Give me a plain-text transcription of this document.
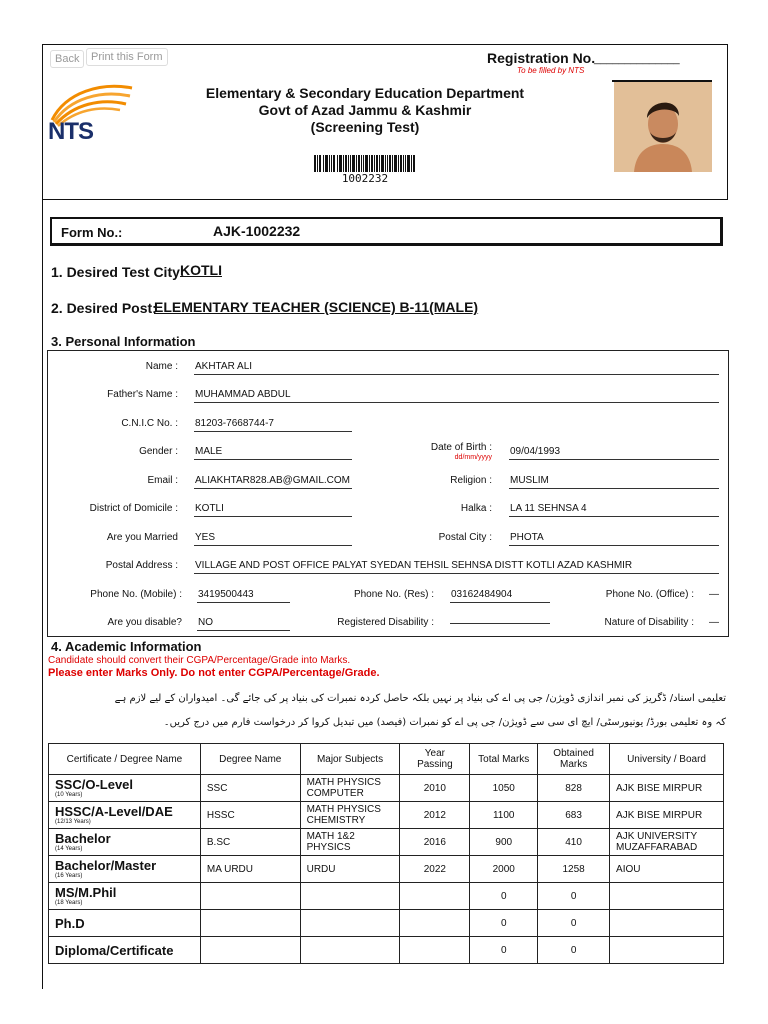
Back	Print this Form	Registration No.
______________
To be filled by NTS
NTS
Elementary & Secondary Education Department
Govt of Azad Jammu & Kashmir
(Screening Test)
1002232
Form No.:	AJK-1002232
1. Desired Test City:
KOTLI
2. Desired Post:
ELEMENTARY TEACHER (SCIENCE) B-11(MALE)
3. Personal Information
Name : AKHTAR ALI
Father's Name : MUHAMMAD ABDUL
C.N.I.C No. : 81203-7668744-7
Gender : MALE	Date of Birth :
dd/mm/yyyy
09/04/1993
Email : ALIAKHTAR828.AB@GMAIL.COM	Religion : MUSLIM
District of Domicile : KOTLI	Halka : LA 11 SEHNSA 4
Are you Married YES	Postal City : PHOTA
Postal Address : VILLAGE AND POST OFFICE PALYAT SYEDAN TEHSIL SEHNSA DISTT KOTLI AZAD KASHMIR
Phone No. (Mobile) : 3419500443	Phone No. (Res) : 03162484904	Phone No. (Office) : —
Are you disable? NO	Registered Disability :	Nature of Disability : —
4. Academic Information
Candidate should convert their CGPA/Percentage/Grade into Marks.
Please enter Marks Only. Do not enter CGPA/Percentage/Grade.
تعلیمی اسناد/ ڈگریز کی نمبر اندازی ڈویژن/ جی پی اے کی بنیاد پر نہیں بلکہ حاصل کردہ نمبرات کی بنیاد پر کی جائے گی۔ امیدواران کے لیے لازم ہے
کہ وہ تعلیمی بورڈ/ یونیورسٹی/ ایچ ای سی سے ڈویژن/ جی پی اے کو نمبرات (فیصد) میں تبدیل کروا کر درخواست فارم میں درج کریں۔
Certificate / Degree Name	Degree Name	Major Subjects	Year Passing	Total Marks	Obtained Marks	University / Board

SSC/O-Level
(10 Years)	SSC	MATH PHYSICS COMPUTER	2010	1050	828	AJK BISE MIRPUR

HSSC/A-Level/DAE
(12/13 Years)	HSSC	MATH PHYSICS CHEMISTRY	2012	1100	683	AJK BISE MIRPUR

Bachelor
(14 Years)	B.SC	MATH 1&2 PHYSICS	2016	900	410	AJK UNIVERSITY MUZAFFARABAD

Bachelor/Master
(16 Years)	MA URDU	URDU	2022	2000	1258	AIOU

MS/M.Phil
(18 Years)				0	0	

Ph.D				0	0	

Diploma/Certificate				0	0	
